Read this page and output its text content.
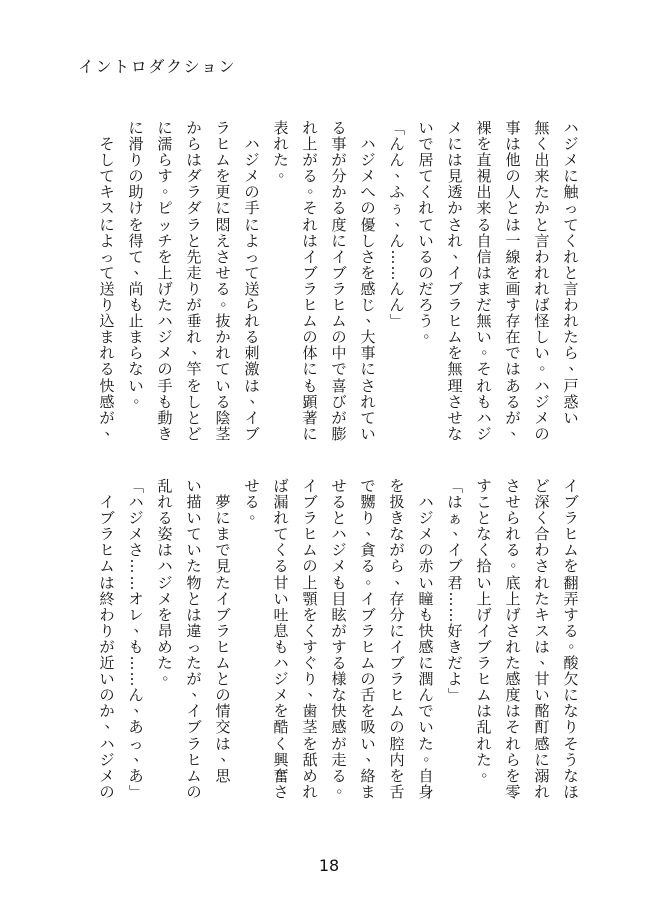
イントロダクション
ハ
ジ
メ
に
触
っ
て
く
れ
と
言
わ
れ
た
ら
、
戸
惑
い
無
く
出
来
た
か
と
言
わ
れ
れ
ば
怪
し
い
。
ハ
ジ
メ
の
事
は
他
の
人
と
は
一
線
を
画
す
存
在
で
は
あ
る
が
、
裸
を
直
視
出
来
る
自
信
は
ま
だ
無
い
。
そ
れ
も
ハ
ジ
メ
に
は
見
透
か
さ
れ
、
イ
ブ
ラ
ヒ
ム
を
無
理
さ
せ
な
い
で
居
て
く
れ
て
い
る
の
だ
ろ
う
。
「
ん
ん
、
ふ
ぅ
、
ん
…
…
ん
ん
」

ハ
ジ
メ
へ
の
優
し
さ
を
感
じ
、
大
事
に
さ
れ
て
い
る
事
が
分
か
る
度
に
イ
ブ
ラ
ヒ
ム
の
中
で
喜
び
が
膨
れ
上
が
る
。
そ
れ
は
イ
ブ
ラ
ヒ
ム
の
体
に
も
顕
著
に
表
れ
た
。

ハ
ジ
メ
の
手
に
よ
っ
て
送
ら
れ
る
刺
激
は
、
イ
ブ
ラ
ヒ
ム
を
更
に
悶
え
さ
せ
る
。
抜
か
れ
て
い
る
陰
茎
か
ら
は
ダ
ラ
ダ
ラ
と
先
走
り
が
垂
れ
、
竿
を
し
と
ど
に
濡
ら
す
。
ピ
ッ
チ
を
上
げ
た
ハ
ジ
メ
の
手
も
動
き
に
滑
り
の
助
け
を
得
て
、
尚
も
止
ま
ら
な
い
。

そ
し
て
キ
ス
に
よ
っ
て
送
り
込
ま
れ
る
快
感
が
、
イ
ブ
ラ
ヒ
ム
を
翻
弄
す
る
。
酸
欠
に
な
り
そ
う
な
ほ
ど
深
く
合
わ
さ
れ
た
キ
ス
は
、
甘
い
酩
酊
感
に
溺
れ
さ
せ
ら
れ
る
。
底
上
げ
さ
れ
た
感
度
は
そ
れ
ら
を
零
す
こ
と
な
く
拾
い
上
げ
イ
ブ
ラ
ヒ
ム
は
乱
れ
た
。
「
は
ぁ
、
イ
ブ
君
…
…
好
き
だ
よ
」

ハ
ジ
メ
の
赤
い
瞳
も
快
感
に
潤
ん
で
い
た
。
自
身
を
扱
き
な
が
ら
、
存
分
に
イ
ブ
ラ
ヒ
ム
の
腔
内
を
舌
で
嬲
り
、
貪
る
。
イ
ブ
ラ
ヒ
ム
の
舌
を
吸
い
、
絡
ま
せ
る
と
ハ
ジ
メ
も
目
眩
が
す
る
様
な
快
感
が
走
る
。
イ
ブ
ラ
ヒ
ム
の
上
顎
を
く
す
ぐ
り
、
歯
茎
を
舐
め
れ
ば
漏
れ
て
く
る
甘
い
吐
息
も
ハ
ジ
メ
を
酷
く
興
奮
さ
せ
る
。

夢
に
ま
で
見
た
イ
ブ
ラ
ヒ
ム
と
の
情
交
は
、
思
い
描
い
て
い
た
物
と
は
違
っ
た
が
、
イ
ブ
ラ
ヒ
ム
の
乱
れ
る
姿
は
ハ
ジ
メ
を
昂
め
た
。
「
ハ
ジ
メ
さ
…
…
オ
レ
、
も
…
…
ん
、
あ
っ
、
あ
」

イ
ブ
ラ
ヒ
ム
は
終
わ
り
が
近
い
の
か
、
ハ
ジ
メ
の
18
